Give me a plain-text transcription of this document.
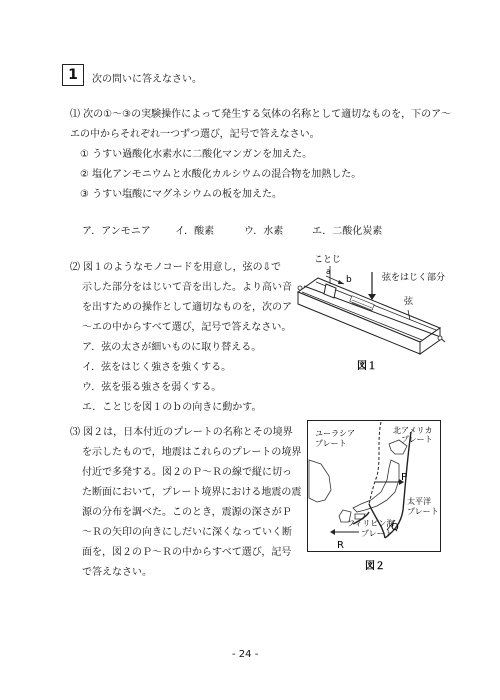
1 次の問いに答えなさい。
⑴ 次の①～③の実験操作によって発生する気体の名称として適切なものを，下のア～
エの中からそれぞれ一つずつ選び，記号で答えなさい。
① うすい過酸化水素水に二酸化マンガンを加えた。
② 塩化アンモニウムと水酸化カルシウムの混合物を加熱した。
③ うすい塩酸にマグネシウムの板を加えた。
ア．アンモニア イ．酸素	ウ．水素	エ．二酸化炭素
⑵ 図１のようなモノコードを用意し，弦の⇩で
示した部分をはじいて音を出した。より高い音
を出すための操作として適切なものを，次のア
～エの中からすべて選び，記号で答えなさい。
ア．弦の太さが細いものに取り替える。
イ．弦をはじく強さを強くする。
ウ．弦を張る強さを弱くする。
エ．ことじを図１のｂの向きに動かす。
ことじ
a
b	弦をはじく部分
弦
図１
⑶ 図２は，日本付近のプレートの名称とその境界
を示したもので，地震はこれらのプレートの境界
付近で多発する。図２のＰ～Ｒの線で縦に切っ
た断面において，プレート境界における地震の震
源の分布を調べた。このとき，震源の深さがＰ
～Ｒの矢印の向きにしだいに深くなっていく断
面を，図２のＰ～Ｒの中からすべて選び，記号
で答えなさい。
ユーラシア
プレート
北アメリカ
プレート
太平洋
プレート
フィリピン海
プレート
P
Q
R
図２
- 24 -
